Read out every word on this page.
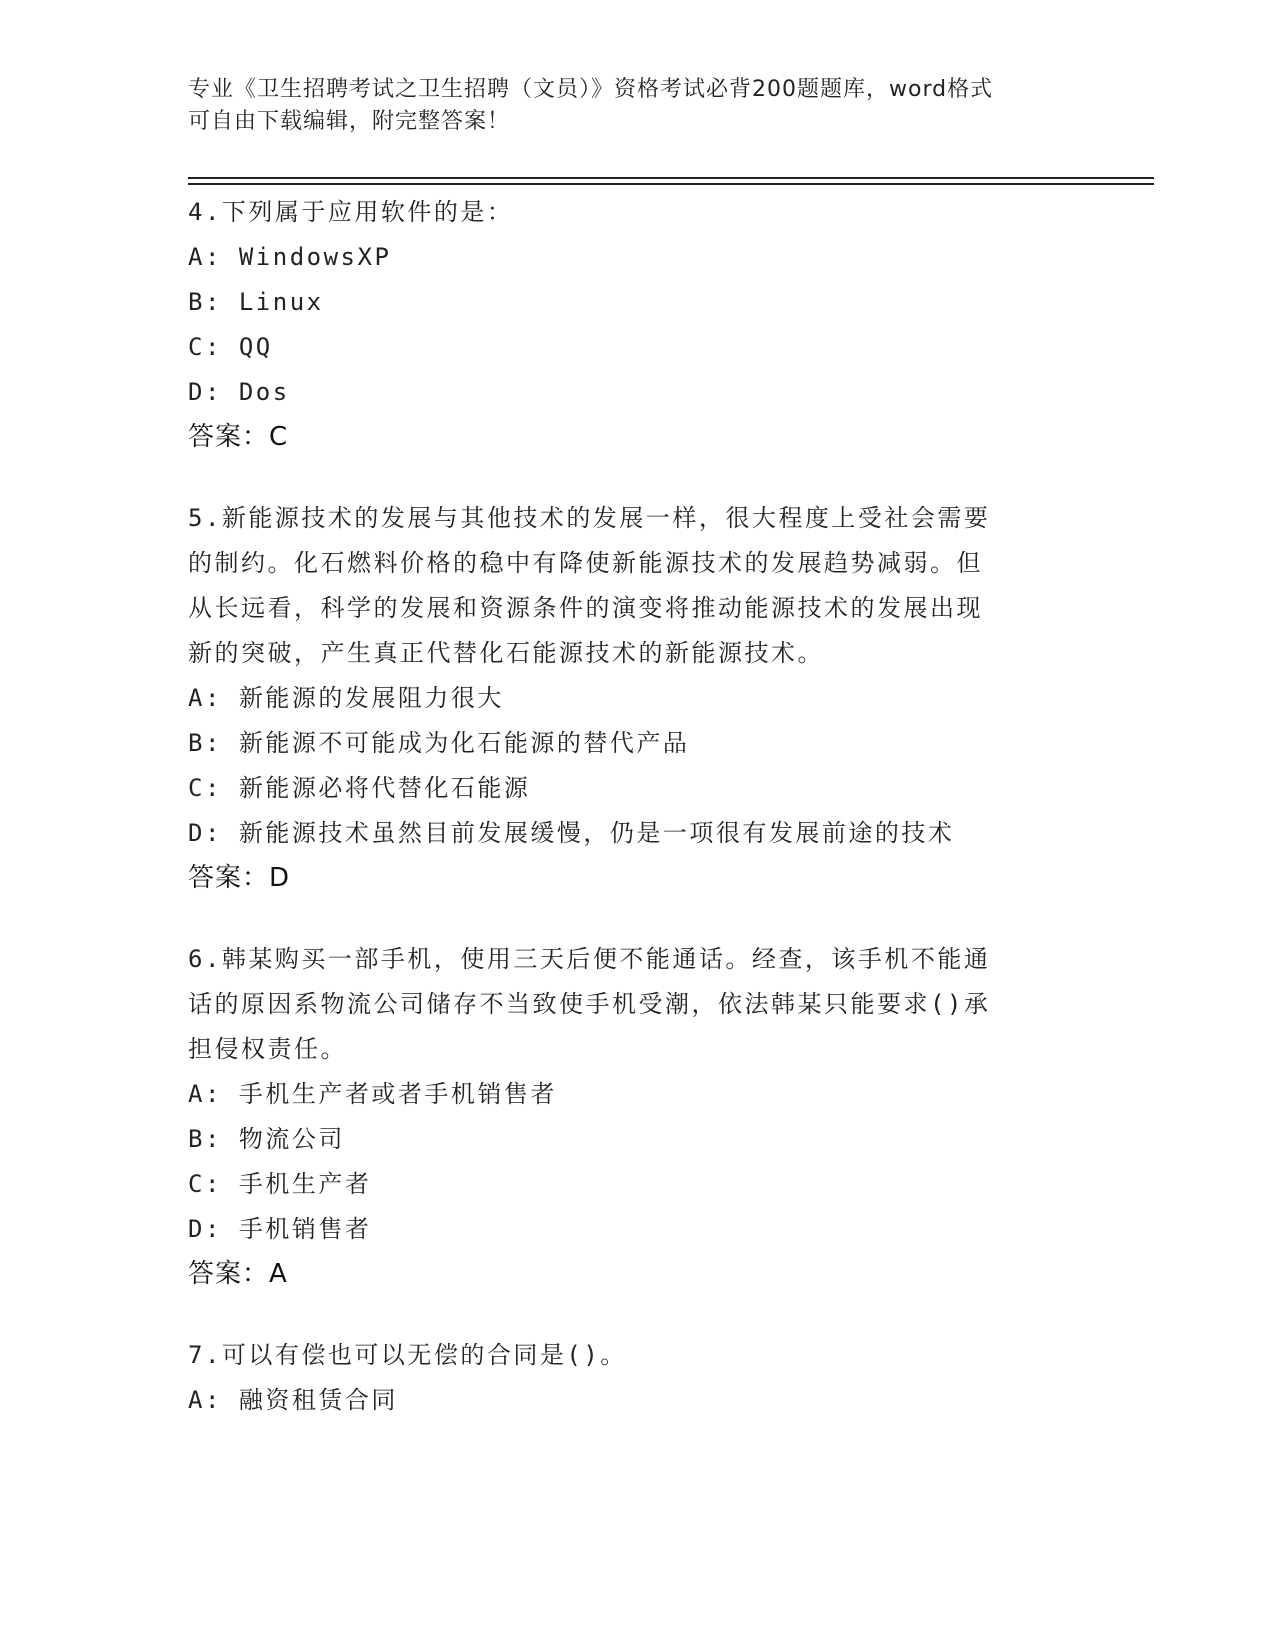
专业《卫生招聘考试之卫生招聘（文员）》资格考试必背200题题库，word格式
可自由下载编辑，附完整答案！
4.下列属于应用软件的是：
A: WindowsXP
B: Linux
C: QQ
D: Dos
答案：C
5.新能源技术的发展与其他技术的发展一样，很大程度上受社会需要
的制约。化石燃料价格的稳中有降使新能源技术的发展趋势减弱。但
从长远看，科学的发展和资源条件的演变将推动能源技术的发展出现
新的突破，产生真正代替化石能源技术的新能源技术。
A: 新能源的发展阻力很大
B: 新能源不可能成为化石能源的替代产品
C: 新能源必将代替化石能源
D: 新能源技术虽然目前发展缓慢，仍是一项很有发展前途的技术
答案：D
6.韩某购买一部手机，使用三天后便不能通话。经查，该手机不能通
话的原因系物流公司储存不当致使手机受潮，依法韩某只能要求()承
担侵权责任。
A: 手机生产者或者手机销售者
B: 物流公司
C: 手机生产者
D: 手机销售者
答案：A
7.可以有偿也可以无偿的合同是()。
A: 融资租赁合同
